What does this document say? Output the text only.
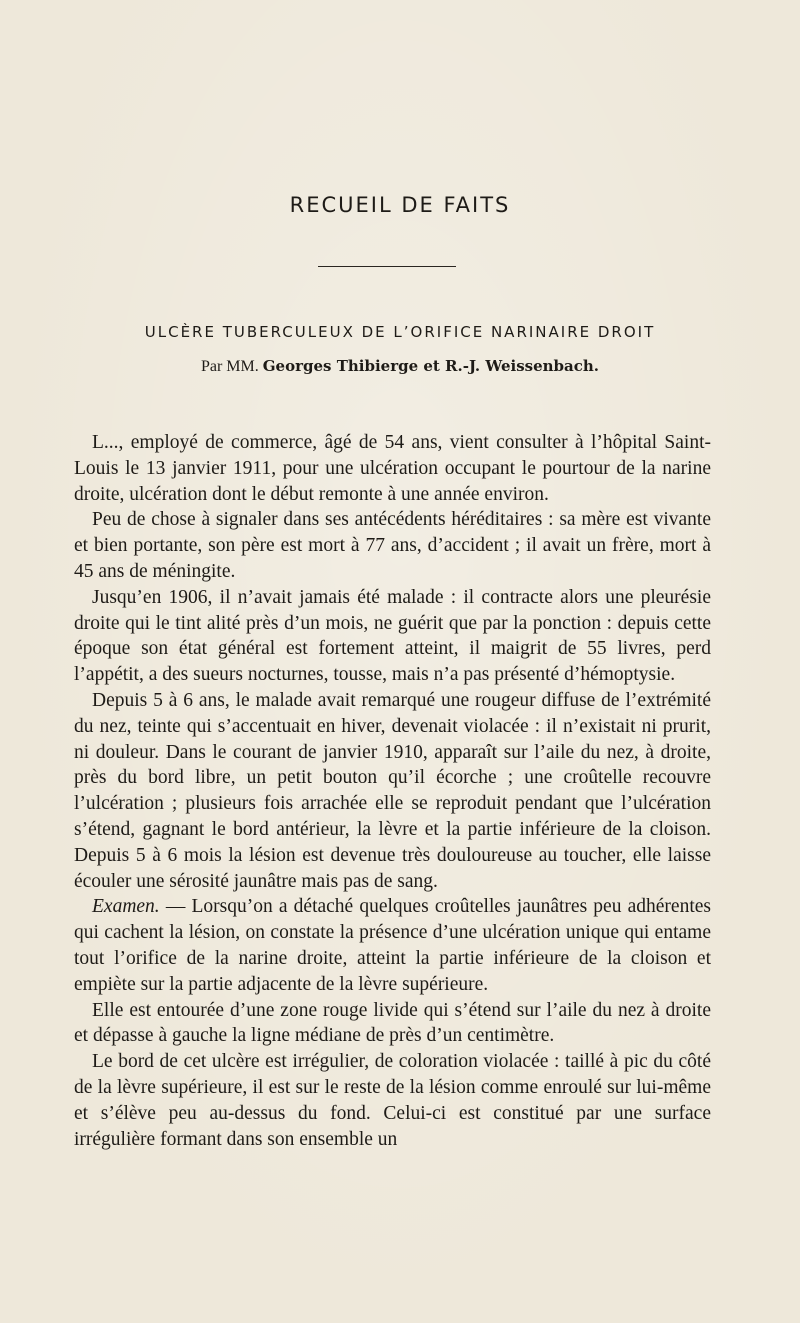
RECUEIL DE FAITS
ULCÈRE TUBERCULEUX DE L’ORIFICE NARINAIRE DROIT
Par MM. Georges Thibierge et R.-J. Weissenbach.

L..., employé de commerce, âgé de 54 ans, vient consulter à l’hôpital Saint-Louis le 13 janvier 1911, pour une ulcération occupant le pourtour de la narine droite, ulcération dont le début remonte à une année environ.

Peu de chose à signaler dans ses antécédents héréditaires : sa mère est vivante et bien portante, son père est mort à 77 ans, d’accident ; il avait un frère, mort à 45 ans de méningite.

Jusqu’en 1906, il n’avait jamais été malade : il contracte alors une pleurésie droite qui le tint alité près d’un mois, ne guérit que par la ponction : depuis cette époque son état général est fortement atteint, il maigrit de 55 livres, perd l’appétit, a des sueurs nocturnes, tousse, mais n’a pas présenté d’hémoptysie.

Depuis 5 à 6 ans, le malade avait remarqué une rougeur diffuse de l’extrémité du nez, teinte qui s’accentuait en hiver, devenait violacée : il n’existait ni prurit, ni douleur. Dans le courant de janvier 1910, apparaît sur l’aile du nez, à droite, près du bord libre, un petit bouton qu’il écorche ; une croûtelle recouvre l’ulcération ; plusieurs fois arrachée elle se reproduit pendant que l’ulcération s’étend, gagnant le bord antérieur, la lèvre et la partie inférieure de la cloison. Depuis 5 à 6 mois la lésion est devenue très douloureuse au toucher, elle laisse écouler une sérosité jaunâtre mais pas de sang.

Examen. — Lorsqu’on a détaché quelques croûtelles jaunâtres peu adhérentes qui cachent la lésion, on constate la présence d’une ulcération unique qui entame tout l’orifice de la narine droite, atteint la partie inférieure de la cloison et empiète sur la partie adjacente de la lèvre supérieure.

Elle est entourée d’une zone rouge livide qui s’étend sur l’aile du nez à droite et dépasse à gauche la ligne médiane de près d’un centimètre.

Le bord de cet ulcère est irrégulier, de coloration violacée : taillé à pic du côté de la lèvre supérieure, il est sur le reste de la lésion comme enroulé sur lui-même et s’élève peu au-dessus du fond. Celui-ci est constitué par une surface irrégulière formant dans son ensemble un
